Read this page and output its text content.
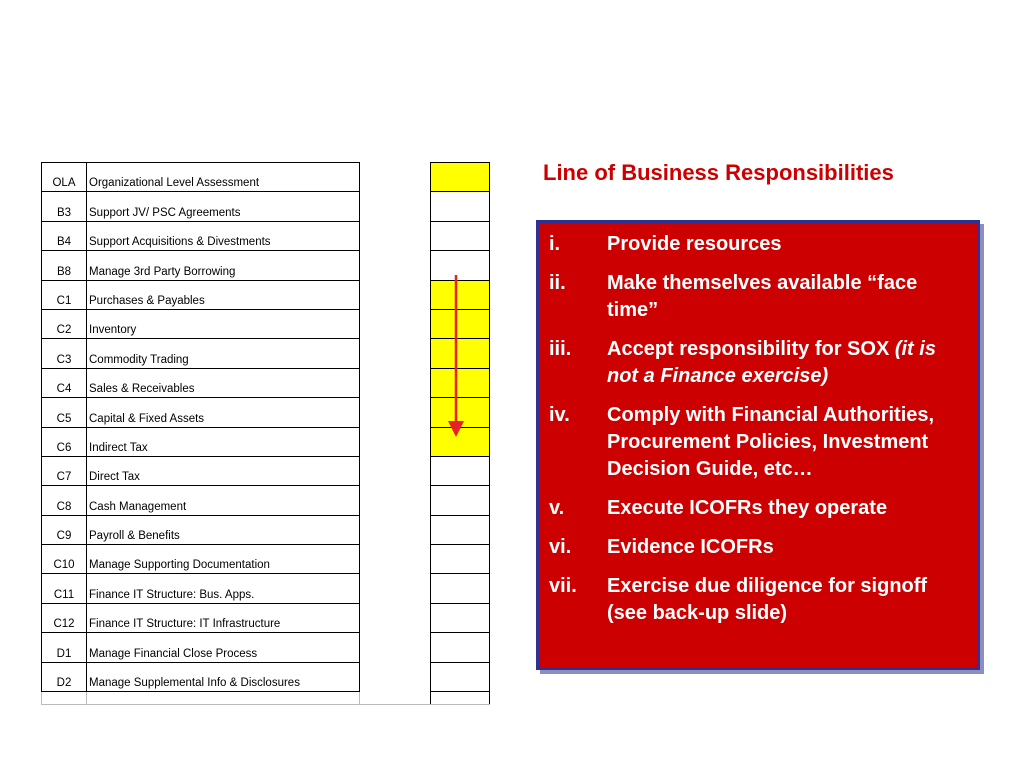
OLA	Organizational Level Assessment		
B3	Support JV/ PSC Agreements		
B4	Support Acquisitions & Divestments		
B8	Manage 3rd Party Borrowing		
C1	Purchases & Payables		
C2	Inventory		
C3	Commodity Trading		
C4	Sales & Receivables		
C5	Capital & Fixed Assets		
C6	Indirect Tax		
C7	Direct Tax		
C8	Cash Management		
C9	Payroll & Benefits		
C10	Manage Supporting Documentation		
C11	Finance IT Structure: Bus. Apps.		
C12	Finance IT Structure: IT Infrastructure		
D1	Manage Financial Close Process		
D2	Manage Supplemental Info & Disclosures		

Line of Business Responsibilities
i. Provide resources
ii. Make themselves available “face time”
iii. Accept responsibility for SOX (it is not a Finance exercise)
iv. Comply with Financial Authorities, Procurement Policies, Investment Decision Guide, etc…
v. Execute ICOFRs they operate
vi. Evidence ICOFRs
vii. Exercise due diligence for signoff (see back-up slide)
